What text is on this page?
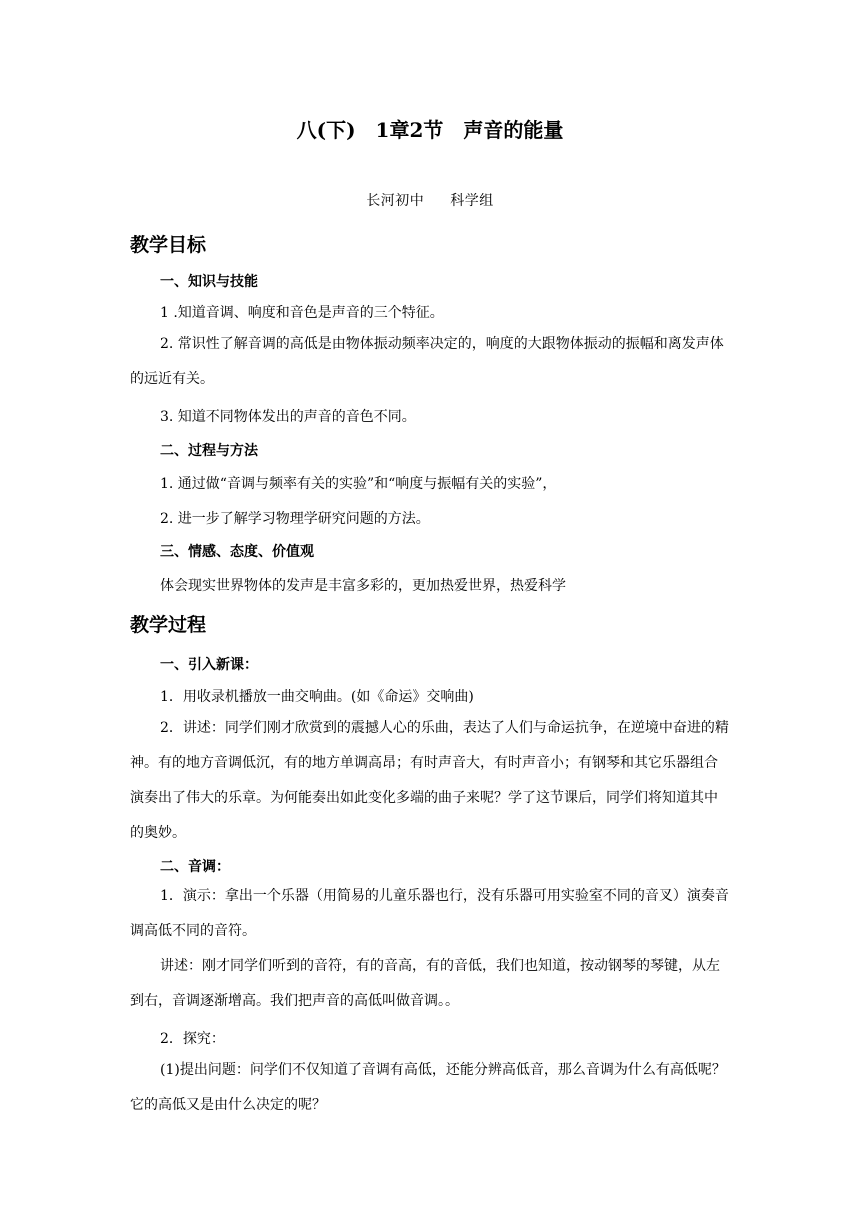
八(下)　1章2节　声音的能量
长河初中 科学组
教学目标
一、知识与技能
1 .知道音调、响度和音色是声音的三个特征。

2. 常识性了解音调的高低是由物体振动频率决定的，响度的大跟物体振动的振幅和离发声体的远近有关。

3. 知道不同物体发出的声音的音色不同。
二、过程与方法
1. 通过做“音调与频率有关的实验”和“响度与振幅有关的实验”，
2. 进一步了解学习物理学研究问题的方法。
三、情感、态度、价值观
体会现实世界物体的发声是丰富多彩的，更加热爱世界，热爱科学
教学过程
一、引入新课：
1．用收录机播放一曲交响曲。(如《命运》交响曲)

2．讲述：同学们刚才欣赏到的震撼人心的乐曲，表达了人们与命运抗争，在逆境中奋进的精神。有的地方音调低沉，有的地方单调高昂；有时声音大，有时声音小；有钢琴和其它乐器组合演奏出了伟大的乐章。为何能奏出如此变化多端的曲子来呢？学了这节课后，同学们将知道其中的奥妙。

二、音调：

1．演示：拿出一个乐器（用简易的儿童乐器也行，没有乐器可用实验室不同的音叉）演奏音调高低不同的音符。

讲述：刚才同学们听到的音符，有的音高，有的音低，我们也知道，按动钢琴的琴键，从左到右，音调逐渐增高。我们把声音的高低叫做音调。。

2．探究：

(1)提出问题：问学们不仅知道了音调有高低，还能分辨高低音，那么音调为什么有高低呢？它的高低又是由什么决定的呢？
